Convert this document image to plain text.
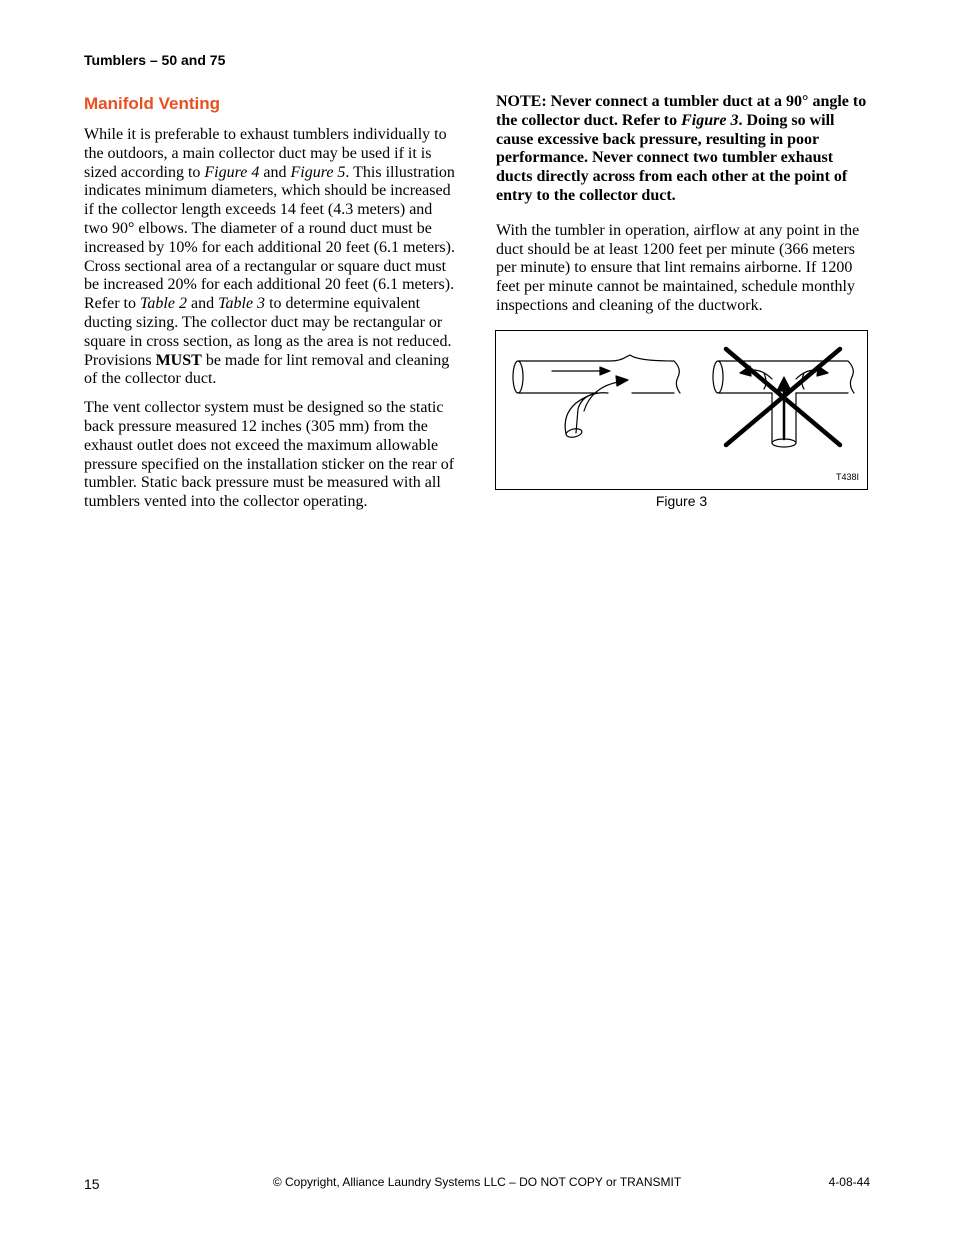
Tumblers – 50 and 75
Manifold Venting

While it is preferable to exhaust tumblers individually to the outdoors, a main collector duct may be used if it is sized according to Figure 4 and Figure 5. This illustration indicates minimum diameters, which should be increased if the collector length exceeds 14 feet (4.3 meters) and two 90° elbows. The diameter of a round duct must be increased by 10% for each additional 20 feet (6.1 meters). Cross sectional area of a rectangular or square duct must be increased 20% for each additional 20 feet (6.1 meters). Refer to Table 2 and Table 3 to determine equivalent ducting sizing. The collector duct may be rectangular or square in cross section, as long as the area is not reduced. Provisions MUST be made for lint removal and cleaning of the collector duct.

The vent collector system must be designed so the static back pressure measured 12 inches (305 mm) from the exhaust outlet does not exceed the maximum allowable pressure specified on the installation sticker on the rear of tumbler. Static back pressure must be measured with all tumblers vented into the collector operating.

NOTE: Never connect a tumbler duct at a 90° angle to the collector duct. Refer to Figure 3. Doing so will cause excessive back pressure, resulting in poor performance. Never connect two tumbler exhaust ducts directly across from each other at the point of entry to the collector duct.

With the tumbler in operation, airflow at any point in the duct should be at least 1200 feet per minute (366 meters per minute) to ensure that lint remains airborne. If 1200 feet per minute cannot be maintained, schedule monthly inspections and cleaning of the ductwork.

T438I
Figure 3
15	© Copyright, Alliance Laundry Systems LLC – DO NOT COPY or TRANSMIT	4-08-44
